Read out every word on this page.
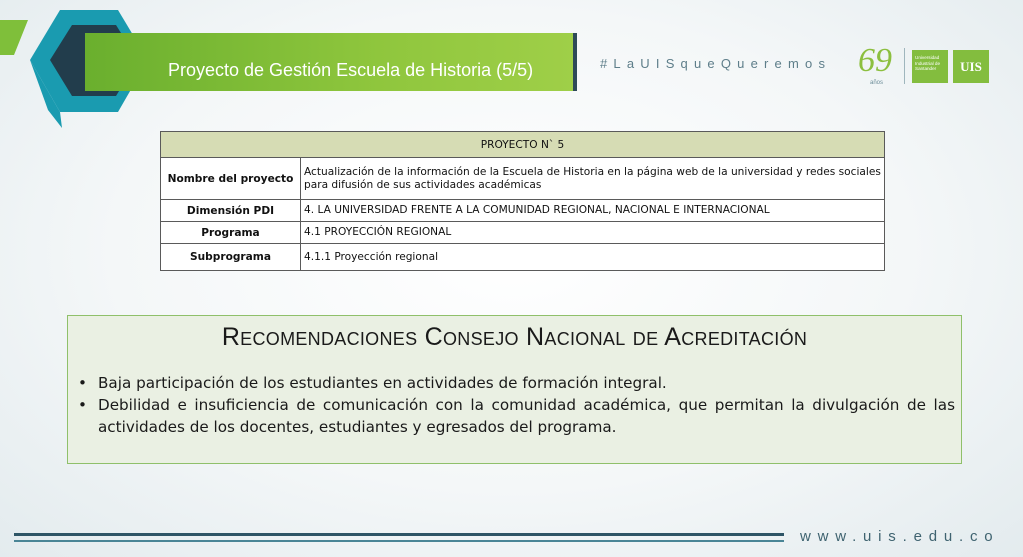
Proyecto de Gestión Escuela de Historia (5/5)	#LaUISqueQueremos 69
años
Universidad Industrial de Santander	UIS
PROYECTO N` 5	
Nombre del proyecto	Actualización de la información de la Escuela de Historia en la página web de la universidad y redes sociales para difusión de sus actividades académicas
Dimensión PDI	4. LA UNIVERSIDAD FRENTE A LA COMUNIDAD REGIONAL, NACIONAL E INTERNACIONAL
Programa	4.1 PROYECCIÓN REGIONAL
Subprograma	4.1.1 Proyección regional
Recomendaciones Consejo Nacional de Acreditación
• Baja participación de los estudiantes en actividades de formación integral.
• Debilidad e insuficiencia de comunicación con la comunidad académica, que permitan la divulgación de las actividades de los docentes, estudiantes y egresados del programa.
www.uis.edu.co
